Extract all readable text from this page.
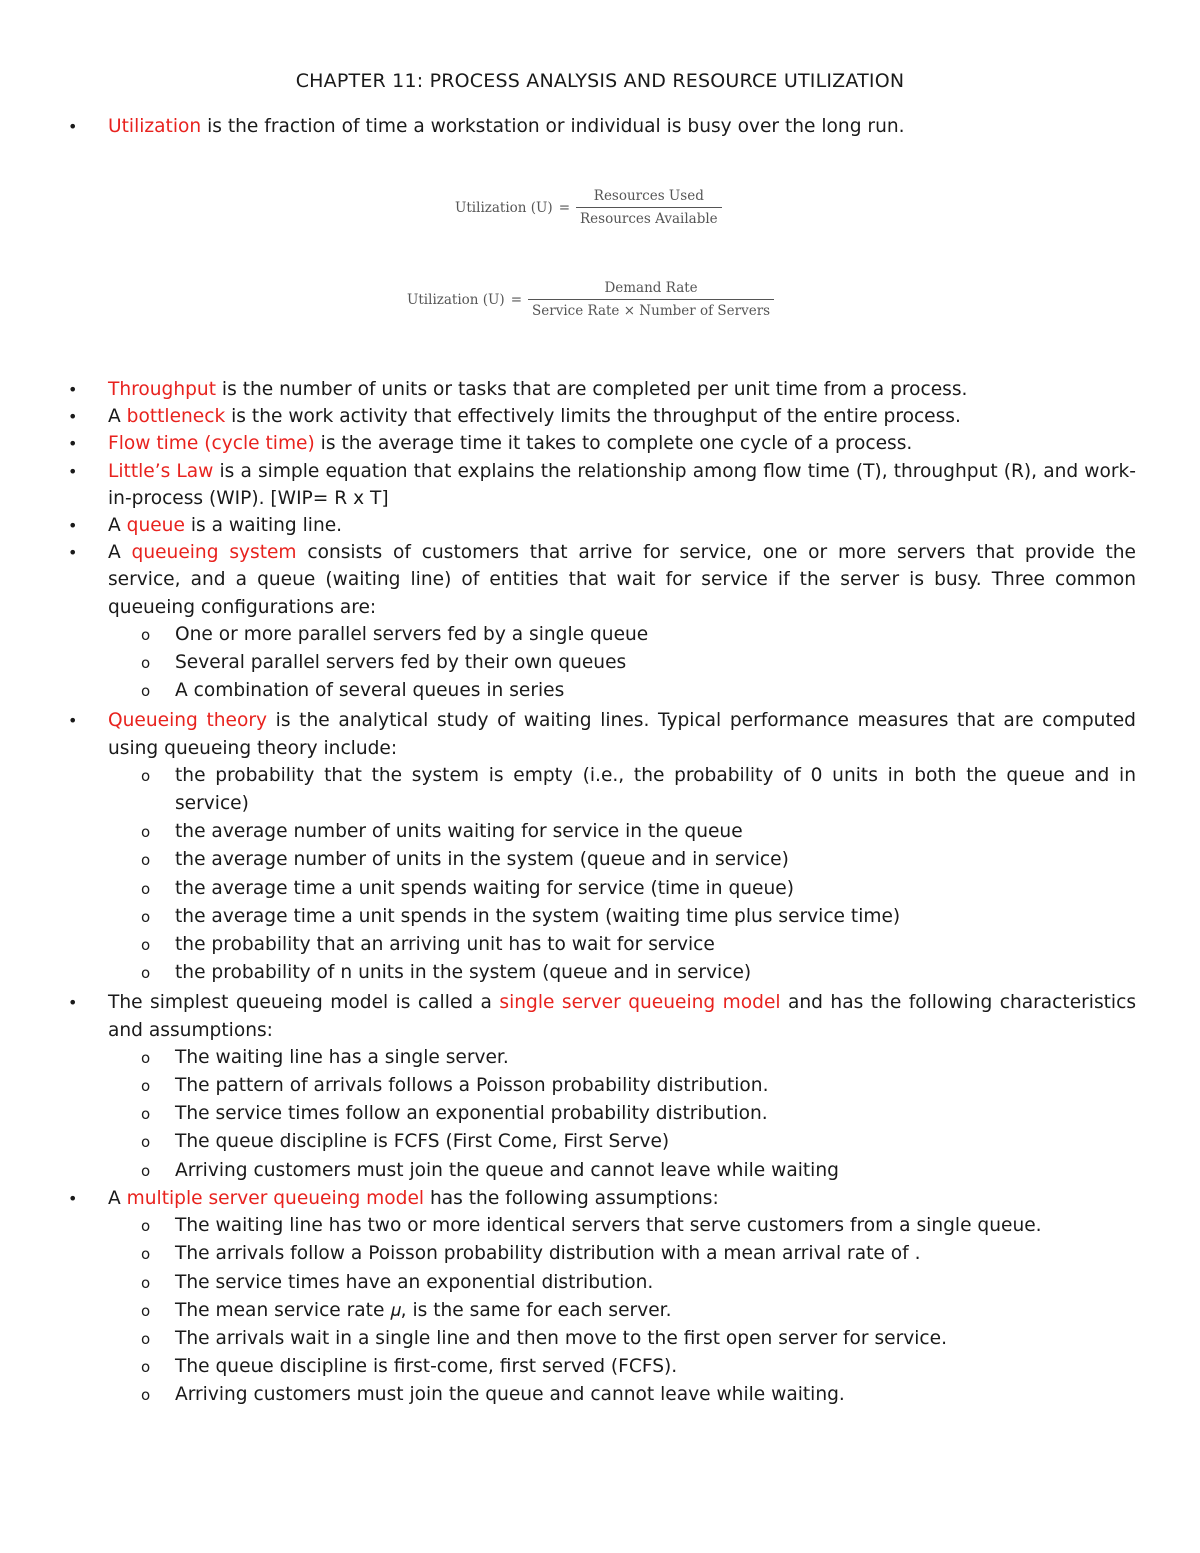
CHAPTER 11: PROCESS ANALYSIS AND RESOURCE UTILIZATION
•	Utilization is the fraction of time a workstation or individual is busy over the long run.
Utilization $(U) = \frac{\text{Resources Used}}{\text{Resources Available}}$
Utilization $(U) = \frac{\text{Demand Rate}}{\text{Service Rate × Number of Servers}}$
•	Throughput is the number of units or tasks that are completed per unit time from a process.
•	A bottleneck is the work activity that effectively limits the throughput of the entire process.
•	Flow time (cycle time) is the average time it takes to complete one cycle of a process.
•	Little’s Law is a simple equation that explains the relationship among flow time (T), throughput (R), and work-in-process (WIP). [WIP= R x T]
•	A queue is a waiting line.
•	A queueing system consists of customers that arrive for service, one or more servers that provide the service, and a queue (waiting line) of entities that wait for service if the server is busy. Three common queueing configurations are:
o	One or more parallel servers fed by a single queue
o	Several parallel servers fed by their own queues
o	A combination of several queues in series
•	Queueing theory is the analytical study of waiting lines. Typical performance measures that are computed using queueing theory include:
o	the probability that the system is empty (i.e., the probability of 0 units in both the queue and in service)
o	the average number of units waiting for service in the queue
o	the average number of units in the system (queue and in service)
o	the average time a unit spends waiting for service (time in queue)
o	the average time a unit spends in the system (waiting time plus service time)
o	the probability that an arriving unit has to wait for service
o	the probability of n units in the system (queue and in service)
•	The simplest queueing model is called a single server queueing model and has the following characteristics and assumptions:
o	The waiting line has a single server.
o	The pattern of arrivals follows a Poisson probability distribution.
o	The service times follow an exponential probability distribution.
o	The queue discipline is FCFS (First Come, First Serve)
o	Arriving customers must join the queue and cannot leave while waiting
•	A multiple server queueing model has the following assumptions:
o	The waiting line has two or more identical servers that serve customers from a single queue.
o	The arrivals follow a Poisson probability distribution with a mean arrival rate of .
o	The service times have an exponential distribution.
o	The mean service rate 𝜇, is the same for each server.
o	The arrivals wait in a single line and then move to the first open server for service.
o	The queue discipline is first-come, first served (FCFS).
o	Arriving customers must join the queue and cannot leave while waiting.
